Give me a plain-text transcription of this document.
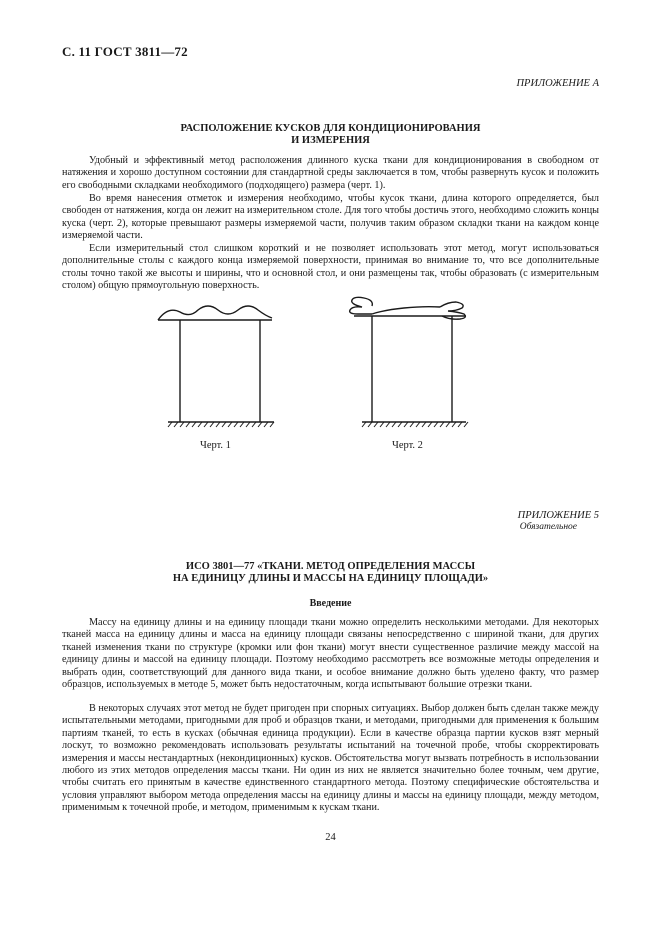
С. 11 ГОСТ 3811—72
ПРИЛОЖЕНИЕ А
РАСПОЛОЖЕНИЕ КУСКОВ ДЛЯ КОНДИЦИОНИРОВАНИЯ
И ИЗМЕРЕНИЯ

Удобный и эффективный метод расположения длинного куска ткани для кондиционирования в свободном от натяжения и хорошо доступном состоянии для стандартной среды заключается в том, чтобы развернуть кусок и положить его свободными складками необходимого (подходящего) размера (черт. 1).

Во время нанесения отметок и измерения необходимо, чтобы кусок ткани, длина которого определяется, был свободен от натяжения, когда он лежит на измерительном столе. Для того чтобы достичь этого, необходимо сложить концы куска (черт. 2), которые превышают размеры измеряемой части, получив таким образом складки ткани на каждом конце измеряемой части.

Если измерительный стол слишком короткий и не позволяет использовать этот метод, могут использоваться дополнительные столы с каждого конца измеряемой поверхности, принимая во внимание то, что все дополнительные столы точно такой же высоты и ширины, что и основной стол, и они размещены так, чтобы образовать (с измерительным столом) общую прямоугольную поверхность.

Черт. 1	Черт. 2
ПРИЛОЖЕНИЕ 5
Обязательное
ИСО 3801—77 «ТКАНИ. МЕТОД ОПРЕДЕЛЕНИЯ МАССЫ
НА ЕДИНИЦУ ДЛИНЫ И МАССЫ НА ЕДИНИЦУ ПЛОЩАДИ»
Введение

Массу на единицу длины и на единицу площади ткани можно определить несколькими методами. Для некоторых тканей масса на единицу длины и масса на единицу площади связаны непосредственно с шириной ткани, для других тканей изменения ткани по структуре (кромки или фон ткани) могут внести существенное различие между массой на единицу длины и массой на единицу площади. Поэтому необходимо рассмотреть все возможные методы определения и выбрать один, соответствующий для данного вида ткани, и особое внимание должно быть уделено факту, что размер образцов, используемых в методе 5, может быть недостаточным, когда испытывают большие отрезки ткани.

В некоторых случаях этот метод не будет пригоден при спорных ситуациях. Выбор должен быть сделан также между испытательными методами, пригодными для проб и образцов ткани, и методами, пригодными для применения к большим партиям тканей, то есть в кусках (обычная единица продукции). Если в качестве образца партии кусков взят мерный лоскут, то возможно рекомендовать использовать результаты испытаний на точечной пробе, чтобы скорректировать измерения и массы нестандартных (некондиционных) кусков. Обстоятельства могут вызвать потребность в использовании любого из этих методов определения массы ткани. Ни один из них не является значительно более точным, чем другие, чтобы считать его принятым в качестве единственного стандартного метода. Поэтому специфические обстоятельства и условия управляют выбором метода определения массы на единицу длины и массы на единицу площади, между методом, применимым к точечной пробе, и методом, применимым к кускам ткани.

24
